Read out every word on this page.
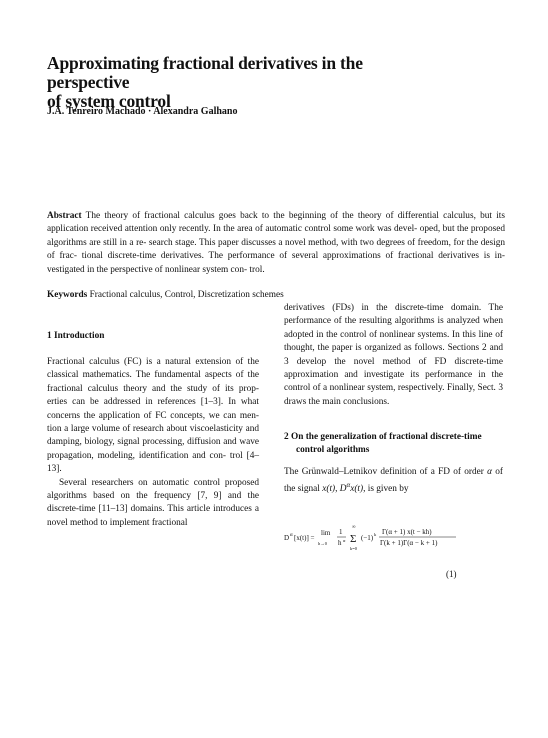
Approximating fractional derivatives in the perspective
of system control
J.A. Tenreiro Machado · Alexandra Galhano
Abstract The theory of fractional calculus goes back to the beginning of the theory of differential calculus, but its application received attention only recently. In the area of automatic control some work was devel- oped, but the proposed algorithms are still in a re- search stage. This paper discusses a novel method, with two degrees of freedom, for the design of frac- tional discrete-time derivatives. The performance of several approximations of fractional derivatives is in- vestigated in the perspective of nonlinear system con- trol.
Keywords Fractional calculus, Control, Discretization schemes
1 Introduction

Fractional calculus (FC) is a natural extension of the classical mathematics. The fundamental aspects of the fractional calculus theory and the study of its prop- erties can be addressed in references [1–3]. In what concerns the application of FC concepts, we can men- tion a large volume of research about viscoelasticity and damping, biology, signal processing, diffusion and wave propagation, modeling, identification and con- trol [4–13].

Several researchers on automatic control proposed algorithms based on the frequency [7, 9] and the discrete-time [11–13] domains. This article introduces a novel method to implement fractional

derivatives (FDs) in the discrete-time domain. The performance of the resulting algorithms is analyzed when adopted in the control of nonlinear systems. In this line of thought, the paper is organized as follows. Sections 2 and 3 develop the novel method of FD discrete-time approximation and investigate its performance in the control of a nonlinear system, respectively. Finally, Sect. 3 draws the main conclusions.
2 On the generalization of fractional discrete-time
control algorithms
The Grünwald–Letnikov definition of a FD of order α of the signal x(t), $D^\alpha x(t)$, is given by
D α [x(t)] =
lim
h→0
1
h α
∞
Σ
k=0
(−1) k Γ(α + 1) x(t − kh)
Γ(k + 1)Γ(α − k + 1)
(1)
